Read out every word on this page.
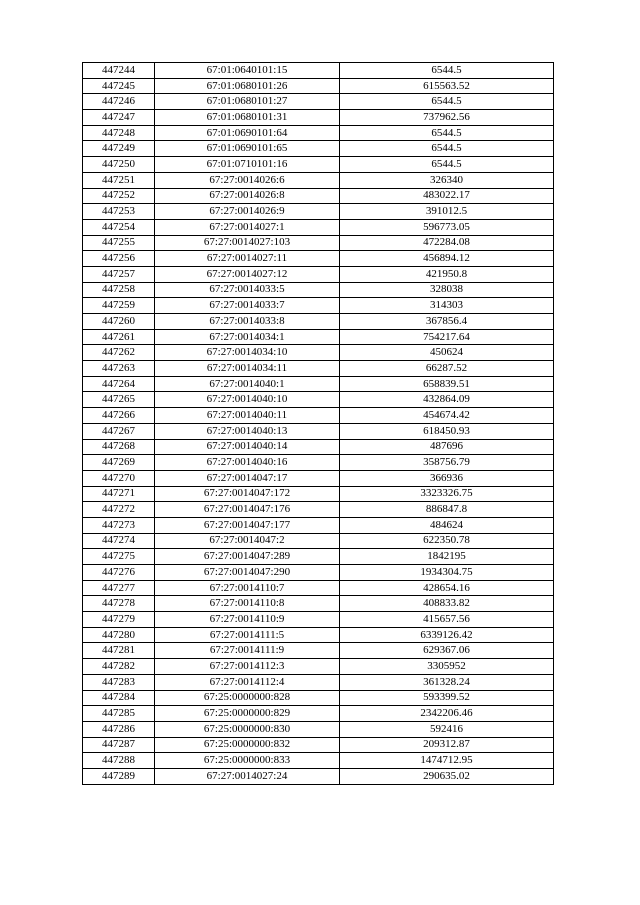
447244	67:01:0640101:15	6544.5
447245	67:01:0680101:26	615563.52
447246	67:01:0680101:27	6544.5
447247	67:01:0680101:31	737962.56
447248	67:01:0690101:64	6544.5
447249	67:01:0690101:65	6544.5
447250	67:01:0710101:16	6544.5
447251	67:27:0014026:6	326340
447252	67:27:0014026:8	483022.17
447253	67:27:0014026:9	391012.5
447254	67:27:0014027:1	596773.05
447255	67:27:0014027:103	472284.08
447256	67:27:0014027:11	456894.12
447257	67:27:0014027:12	421950.8
447258	67:27:0014033:5	328038
447259	67:27:0014033:7	314303
447260	67:27:0014033:8	367856.4
447261	67:27:0014034:1	754217.64
447262	67:27:0014034:10	450624
447263	67:27:0014034:11	66287.52
447264	67:27:0014040:1	658839.51
447265	67:27:0014040:10	432864.09
447266	67:27:0014040:11	454674.42
447267	67:27:0014040:13	618450.93
447268	67:27:0014040:14	487696
447269	67:27:0014040:16	358756.79
447270	67:27:0014047:17	366936
447271	67:27:0014047:172	3323326.75
447272	67:27:0014047:176	886847.8
447273	67:27:0014047:177	484624
447274	67:27:0014047:2	622350.78
447275	67:27:0014047:289	1842195
447276	67:27:0014047:290	1934304.75
447277	67:27:0014110:7	428654.16
447278	67:27:0014110:8	408833.82
447279	67:27:0014110:9	415657.56
447280	67:27:0014111:5	6339126.42
447281	67:27:0014111:9	629367.06
447282	67:27:0014112:3	3305952
447283	67:27:0014112:4	361328.24
447284	67:25:0000000:828	593399.52
447285	67:25:0000000:829	2342206.46
447286	67:25:0000000:830	592416
447287	67:25:0000000:832	209312.87
447288	67:25:0000000:833	1474712.95
447289	67:27:0014027:24	290635.02
